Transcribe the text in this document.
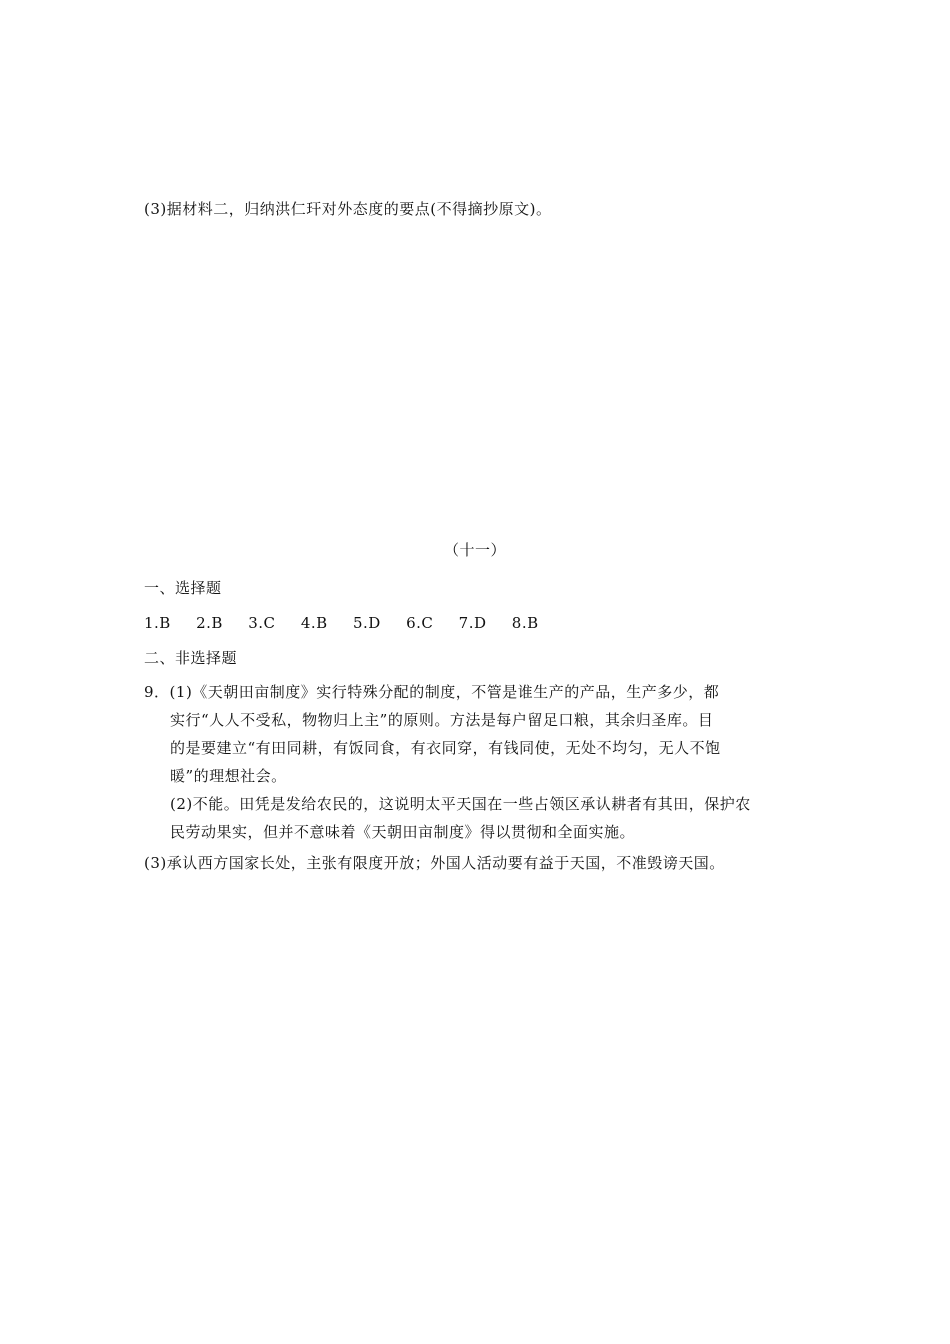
(3)据材料二，归纳洪仁玕对外态度的要点(不得摘抄原文)。
（十一）
一、选择题
1.B 2.B 3.C 4.B 5.D 6.C 7.D 8.B
二、非选择题
9．(1)《天朝田亩制度》实行特殊分配的制度，不管是谁生产的产品，生产多少，都
实行“人人不受私，物物归上主”的原则。方法是每户留足口粮，其余归圣库。目
的是要建立“有田同耕，有饭同食，有衣同穿，有钱同使，无处不均匀，无人不饱
暖”的理想社会。
(2)不能。田凭是发给农民的，这说明太平天国在一些占领区承认耕者有其田，保护农
民劳动果实，但并不意味着《天朝田亩制度》得以贯彻和全面实施。
(3)承认西方国家长处，主张有限度开放；外国人活动要有益于天国，不准毁谤天国。
